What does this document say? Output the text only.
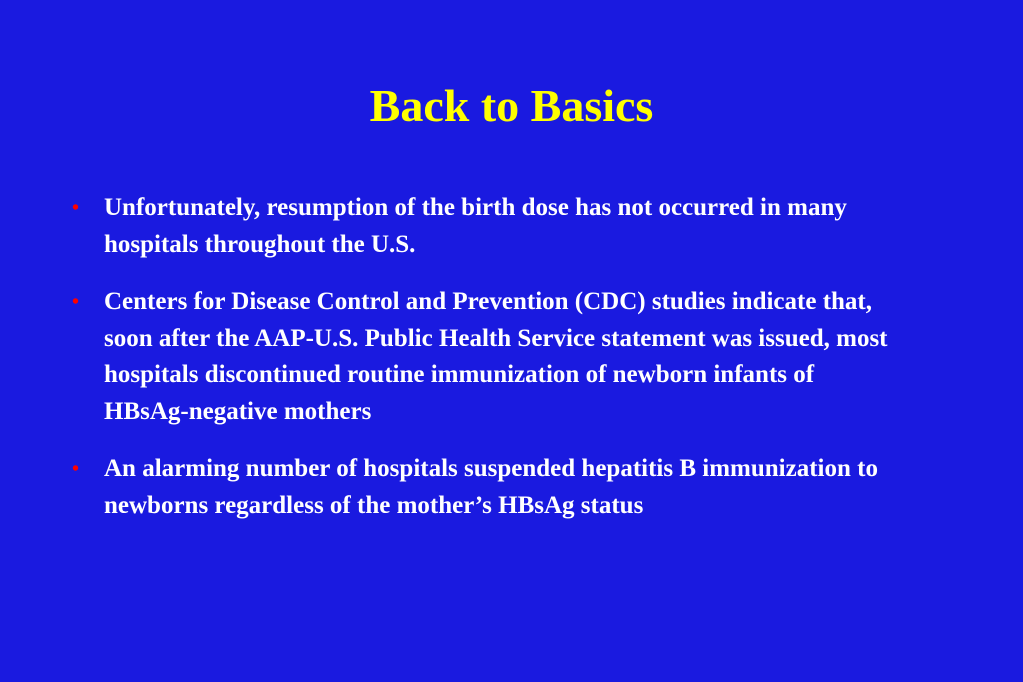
Back to Basics
• Unfortunately, resumption of the birth dose has not occurred in many hospitals throughout the U.S.
• Centers for Disease Control and Prevention (CDC) studies indicate that, soon after the AAP-U.S. Public Health Service statement was issued, most hospitals discontinued routine immunization of newborn infants of HBsAg-negative mothers
• An alarming number of hospitals suspended hepatitis B immunization to newborns regardless of the mother’s HBsAg status
